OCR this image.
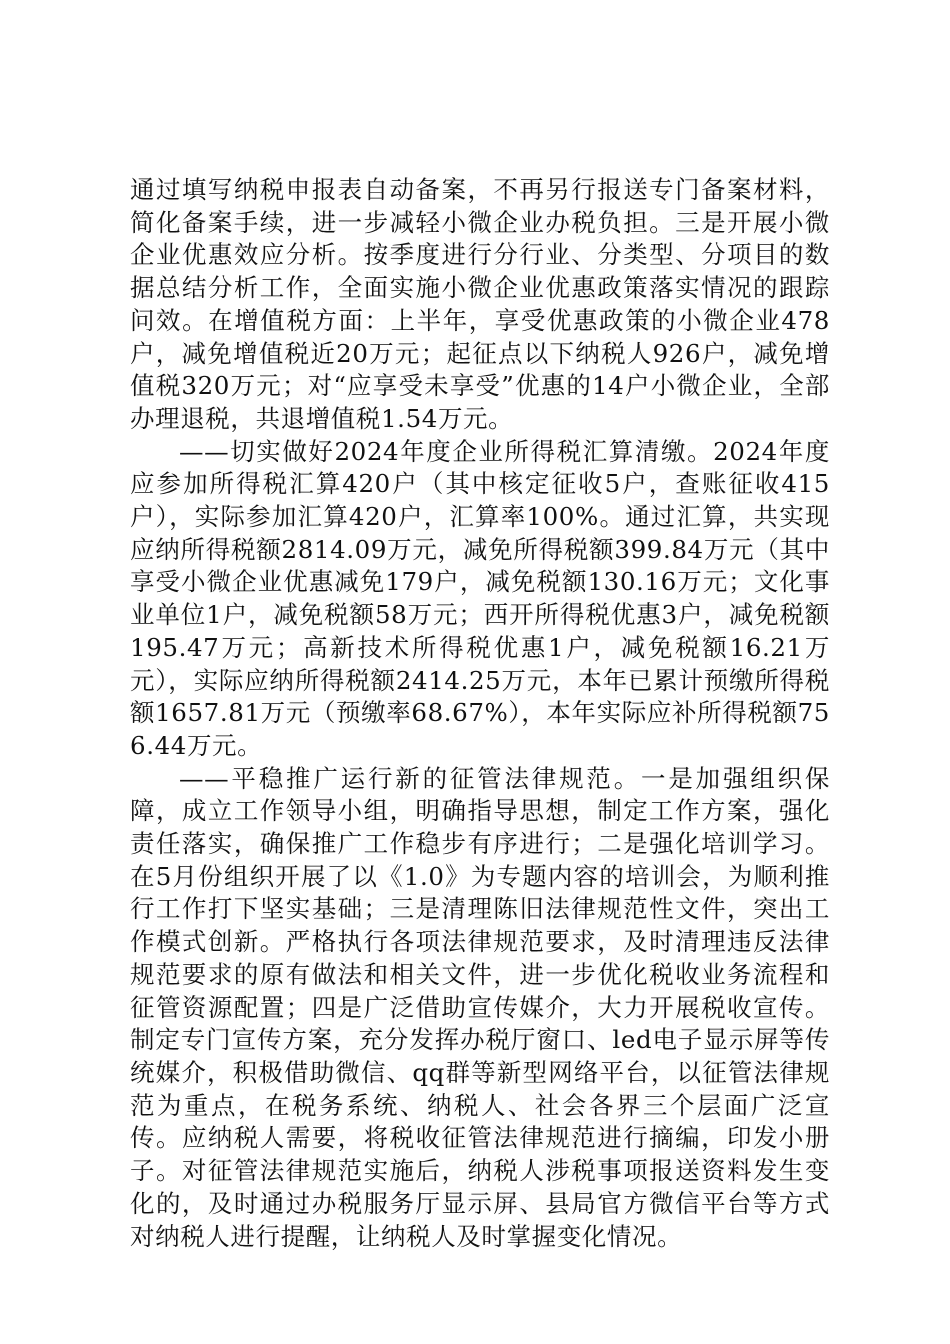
通过填写纳税申报表自动备案，不再另行报送专门备案材料，简化备案手续，进一步减轻小微企业办税负担。三是开展小微企业优惠效应分析。按季度进行分行业、分类型、分项目的数据总结分析工作，全面实施小微企业优惠政策落实情况的跟踪问效。在增值税方面：上半年，享受优惠政策的小微企业478户，减免增值税近20万元；起征点以下纳税人926户，减免增值税320万元；对“应享受未享受”优惠的14户小微企业，全部办理退税，共退增值税1.54万元。

——切实做好2024年度企业所得税汇算清缴。2024年度应参加所得税汇算420户（其中核定征收5户，查账征收415户），实际参加汇算420户，汇算率100%。通过汇算，共实现应纳所得税额2814.09万元，减免所得税额399.84万元（其中享受小微企业优惠减免179户，减免税额130.16万元；文化事业单位1户，减免税额58万元；西开所得税优惠3户，减免税额195.47万元；高新技术所得税优惠1户，减免税额16.21万元），实际应纳所得税额2414.25万元，本年已累计预缴所得税额1657.81万元（预缴率68.67%），本年实际应补所得税额756.44万元。

——平稳推广运行新的征管法律规范。一是加强组织保障，成立工作领导小组，明确指导思想，制定工作方案，强化责任落实，确保推广工作稳步有序进行；二是强化培训学习。在5月份组织开展了以《1.0》为专题内容的培训会，为顺利推行工作打下坚实基础；三是清理陈旧法律规范性文件，突出工作模式创新。严格执行各项法律规范要求，及时清理违反法律规范要求的原有做法和相关文件，进一步优化税收业务流程和征管资源配置；四是广泛借助宣传媒介，大力开展税收宣传。制定专门宣传方案，充分发挥办税厅窗口、led电子显示屏等传统媒介，积极借助微信、qq群等新型网络平台，以征管法律规范为重点，在税务系统、纳税人、社会各界三个层面广泛宣传。应纳税人需要，将税收征管法律规范进行摘编，印发小册子。对征管法律规范实施后，纳税人涉税事项报送资料发生变化的，及时通过办税服务厅显示屏、县局官方微信平台等方式对纳税人进行提醒，让纳税人及时掌握变化情况。
